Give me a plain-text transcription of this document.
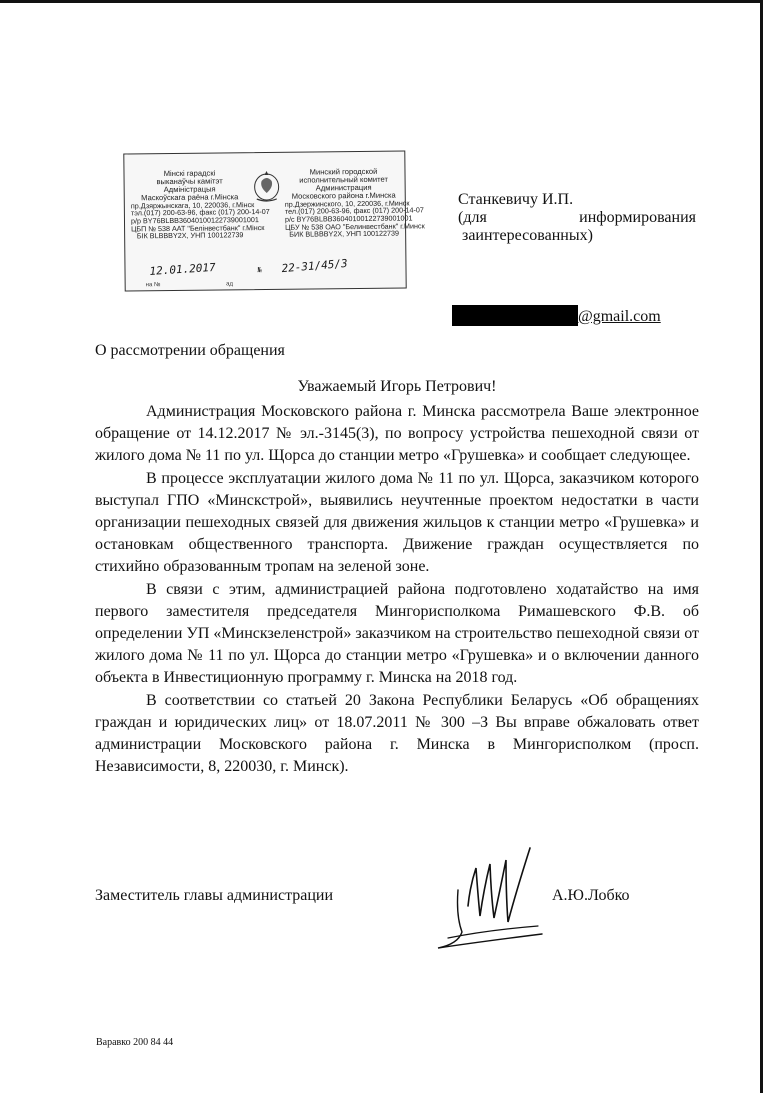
Мінскі гарадскі
выканаўчы камітэт
Адміністрацыя
Маскоўскага раёна г.Мінска
пр.Дзяржынскага, 10, 220036, г.Мінск
тэл.(017) 200-63-96, факс (017) 200-14-07
р/р BY76BLBB36040100122739001001
ЦБП № 538 ААТ "Белінвестбанк" г.Мінск
БІК BLBBBY2X, УНП 100122739
Минский городской
исполнительный комитет
Администрация
Московского района г.Минска
пр.Дзержинского, 10, 220036, г.Минск
тел.(017) 200-63-96, факс (017) 200-14-07
р/с BY76BLBB36040100122739001001
ЦБУ № 538 ОАО "Белинвестбанк" г.Минск
БИК BLBBBY2X, УНП 100122739
12.01.2017	№ 22-31/45/3
на №	ад
Станкевичу И.П.
(для	информирования
заинтересованных)
@gmail.com
О рассмотрении обращения
Уважаемый Игорь Петрович!

Администрация Московского района г. Минска рассмотрела Ваше электронное обращение от 14.12.2017 № эл.-3145(3), по вопросу устройства пешеходной связи от жилого дома № 11 по ул. Щорса до станции метро «Грушевка» и сообщает следующее.

В процессе эксплуатации жилого дома № 11 по ул. Щорса, заказчиком которого выступал ГПО «Минскстрой», выявились неучтенные проектом недостатки в части организации пешеходных связей для движения жильцов к станции метро «Грушевка» и остановкам общественного транспорта. Движение граждан осуществляется по стихийно образованным тропам на зеленой зоне.

В связи с этим, администрацией района подготовлено ходатайство на имя первого заместителя председателя Мингорисполкома Римашевского Ф.В. об определении УП «Минскзеленстрой» заказчиком на строительство пешеходной связи от жилого дома № 11 по ул. Щорса до станции метро «Грушевка» и о включении данного объекта в Инвестиционную программу г. Минска на 2018 год.

В соответствии со статьей 20 Закона Республики Беларусь «Об обращениях граждан и юридических лиц» от 18.07.2011 № 300 –З Вы вправе обжаловать ответ администрации Московского района г. Минска в Мингорисполком (просп. Независимости, 8, 220030, г. Минск).

Заместитель главы администрации	А.Ю.Лобко
Варавко 200 84 44
